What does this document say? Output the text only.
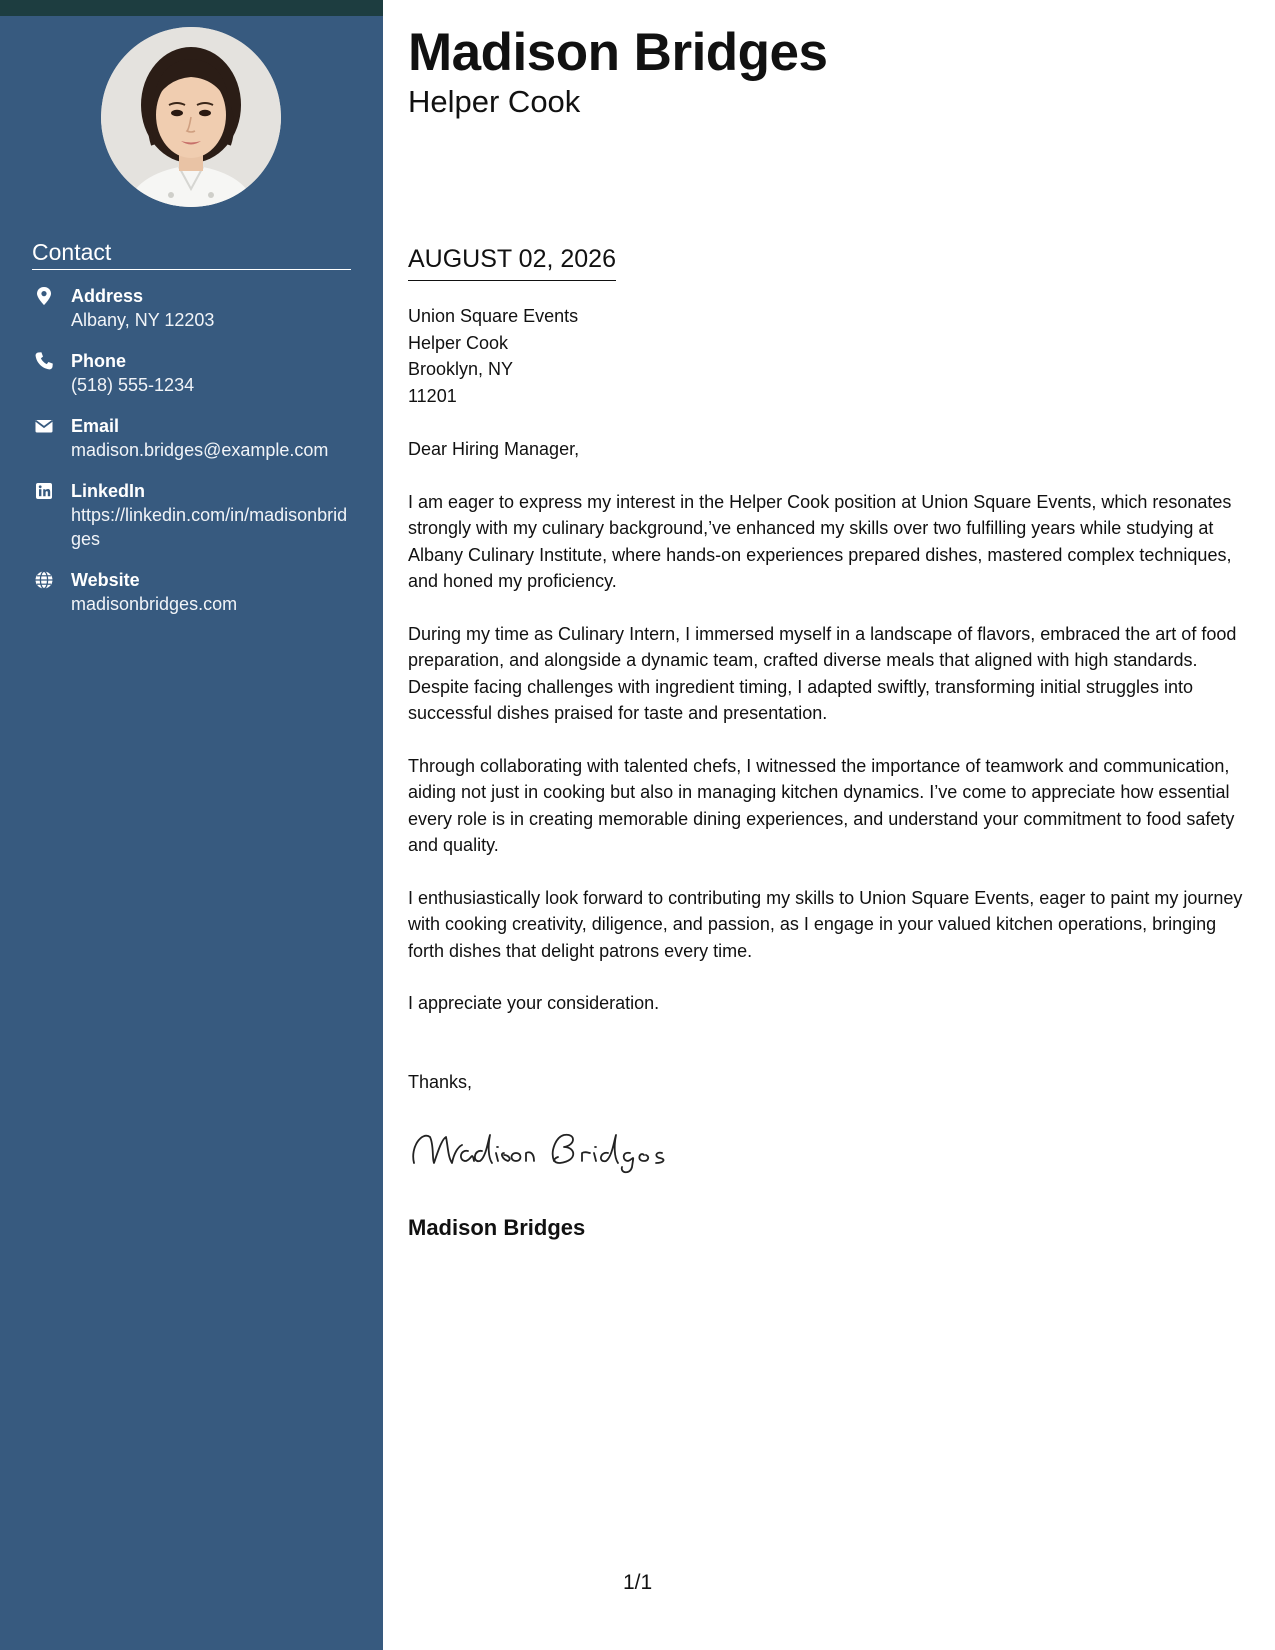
Contact
Address
Albany, NY 12203
Phone
(518) 555-1234
Email
madison.bridges@example.com
LinkedIn
https://linkedin.com/in/madisonbridges
Website
madisonbridges.com
Madison Bridges
Helper Cook
AUGUST 02, 2026
Union Square Events
Helper Cook
Brooklyn, NY
11201
Dear Hiring Manager,

I am eager to express my interest in the Helper Cook position at Union Square Events, which resonates strongly with my culinary background,’ve enhanced my skills over two fulfilling years while studying at Albany Culinary Institute, where hands-on experiences prepared dishes, mastered complex techniques, and honed my proficiency.

During my time as Culinary Intern, I immersed myself in a landscape of flavors, embraced the art of food preparation, and alongside a dynamic team, crafted diverse meals that aligned with high standards. Despite facing challenges with ingredient timing, I adapted swiftly, transforming initial struggles into successful dishes praised for taste and presentation.

Through collaborating with talented chefs, I witnessed the importance of teamwork and communication, aiding not just in cooking but also in managing kitchen dynamics. I’ve come to appreciate how essential every role is in creating memorable dining experiences, and understand your commitment to food safety and quality.

I enthusiastically look forward to contributing my skills to Union Square Events, eager to paint my journey with cooking creativity, diligence, and passion, as I engage in your valued kitchen operations, bringing forth dishes that delight patrons every time.

I appreciate your consideration.
Thanks,
Madison Bridges
1/1
